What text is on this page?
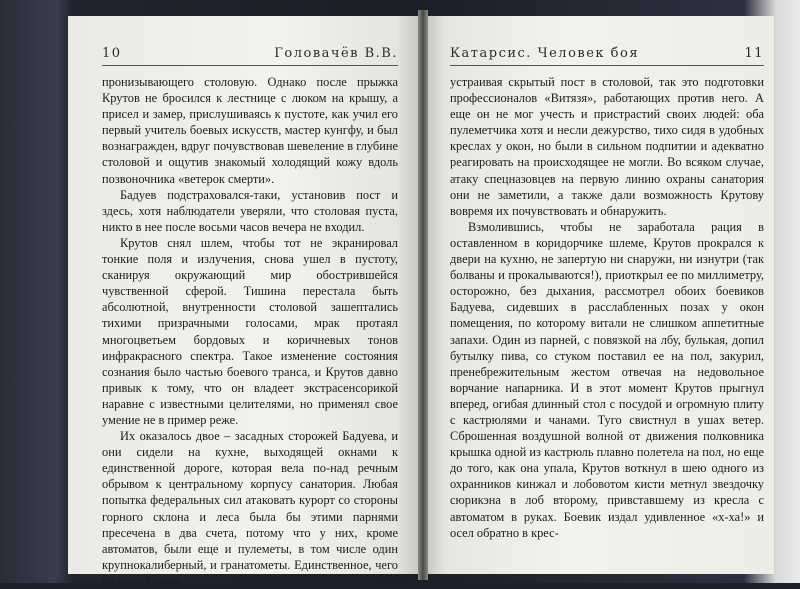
10	Головачёв В.В.

пронизывающего столовую. Однако после прыжка Крутов не бросился к лестнице с люком на крышу, а присел и замер, прислушиваясь к пустоте, как учил его первый учитель боевых искусств, мастер кунгфу, и был вознагражден, вдруг почувствовав шевеление в глубине столовой и ощутив знакомый холодящий кожу вдоль позвоночника «ветерок смерти».

Бадуев подстраховался-таки, установив пост и здесь, хотя наблюдатели уверяли, что столовая пуста, никто в нее после восьми часов вечера не входил.

Крутов снял шлем, чтобы тот не экранировал тонкие поля и излучения, снова ушел в пустоту, сканируя окружающий мир обострившейся чувственной сферой. Тишина перестала быть абсолютной, внутренности столовой зашептались тихими призрачными голосами, мрак протаял многоцветьем бордовых и коричневых тонов инфракрасного спектра. Такое изменение состояния сознания было частью боевого транса, и Крутов давно привык к тому, что он владеет экстрасенсорикой наравне с известными целителями, но применял свое умение не в пример реже.

Их оказалось двое – засадных сторожей Бадуева, и они сидели на кухне, выходящей окнами к единственной дороге, которая вела по-над речным обрывом к центральному корпусу санатория. Любая попытка федеральных сил атаковать курорт со стороны горного склона и леса была бы этими парнями пресечена в два счета, потому что у них, кроме автоматов, были еще и пулеметы, в том числе один крупнокалиберный, и гранатометы. Единственное, чего не учел Бадуев,

Катарсис. Человек боя	11

устраивая скрытый пост в столовой, так это подготовки профессионалов «Витязя», работающих против него. А еще он не мог учесть и пристрастий своих людей: оба пулеметчика хотя и несли дежурство, тихо сидя в удобных креслах у окон, но были в сильном подпитии и адекватно реагировать на происходящее не могли. Во всяком случае, атаку спецназовцев на первую линию охраны санатория они не заметили, а также дали возможность Крутову вовремя их почувствовать и обнаружить.

Взмолившись, чтобы не заработала рация в оставленном в коридорчике шлеме, Крутов прокрался к двери на кухню, не запертую ни снаружи, ни изнутри (так болваны и прокалываются!), приоткрыл ее по миллиметру, осторожно, без дыхания, рассмотрел обоих боевиков Бадуева, сидевших в расслабленных позах у окон помещения, по которому витали не слишком аппетитные запахи. Один из парней, с повязкой на лбу, булькая, допил бутылку пива, со стуком поставил ее на пол, закурил, пренебрежительным жестом отвечая на недовольное ворчание напарника. И в этот момент Крутов прыгнул вперед, огибая длинный стол с посудой и огромную плиту с кастрюлями и чанами. Туго свистнул в ушах ветер. Сброшенная воздушной волной от движения полковника крышка одной из кастрюль плавно полетела на пол, но еще до того, как она упала, Крутов воткнул в шею одного из охранников кинжал и лобовотом кисти метнул звездочку сюрикэна в лоб второму, привставшему из кресла с автоматом в руках. Боевик издал удивленное «х-ха!» и осел обратно в крес-
